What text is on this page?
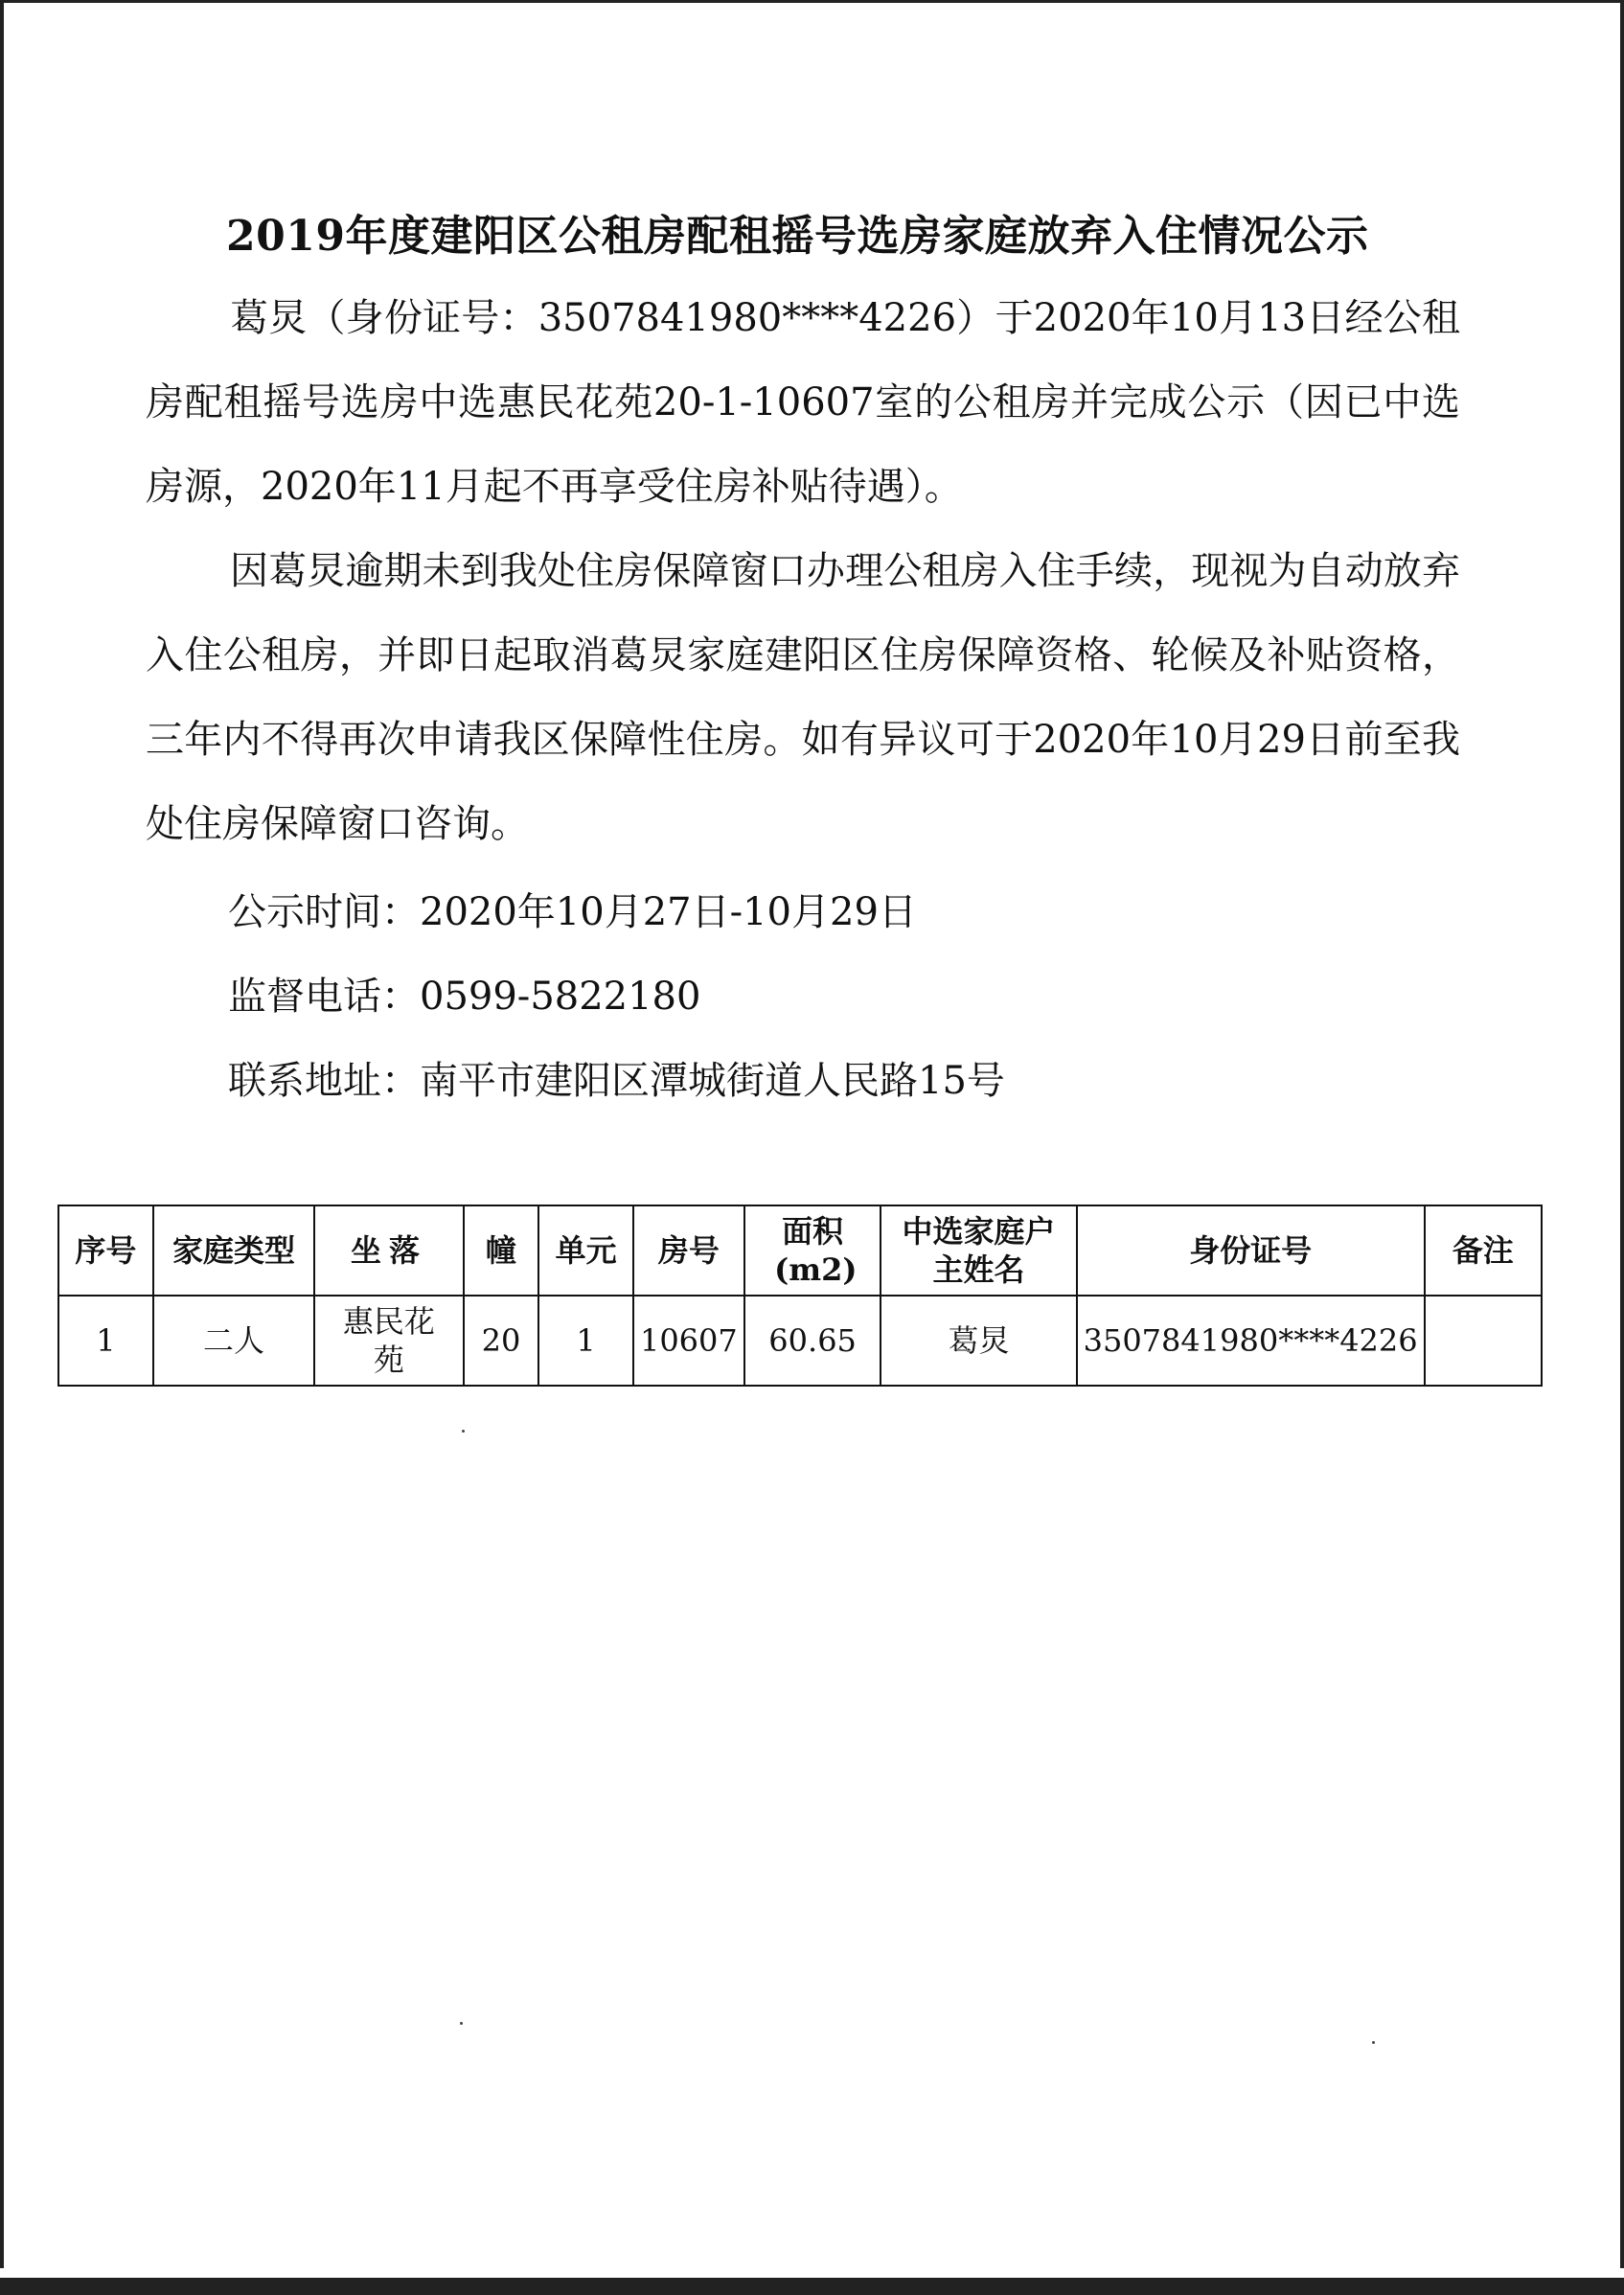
2019年度建阳区公租房配租摇号选房家庭放弃入住情况公示

葛炅（身份证号：3507841980****4226）于2020年10月13日经公租房配租摇号选房中选惠民花苑20-1-10607室的公租房并完成公示（因已中选房源，2020年11月起不再享受住房补贴待遇）。

因葛炅逾期未到我处住房保障窗口办理公租房入住手续，现视为自动放弃入住公租房，并即日起取消葛炅家庭建阳区住房保障资格、轮候及补贴资格，三年内不得再次申请我区保障性住房。如有异议可于2020年10月29日前至我处住房保障窗口咨询。

公示时间：2020年10月27日-10月29日
监督电话：0599-5822180
联系地址：南平市建阳区潭城街道人民路15号
序号	家庭类型	坐落	幢	单元	房号	面积(m2)	中选家庭户主姓名	身份证号	备注
1	二人	惠民花苑	20	1	10607	60.65	葛炅	3507841980****4226	
